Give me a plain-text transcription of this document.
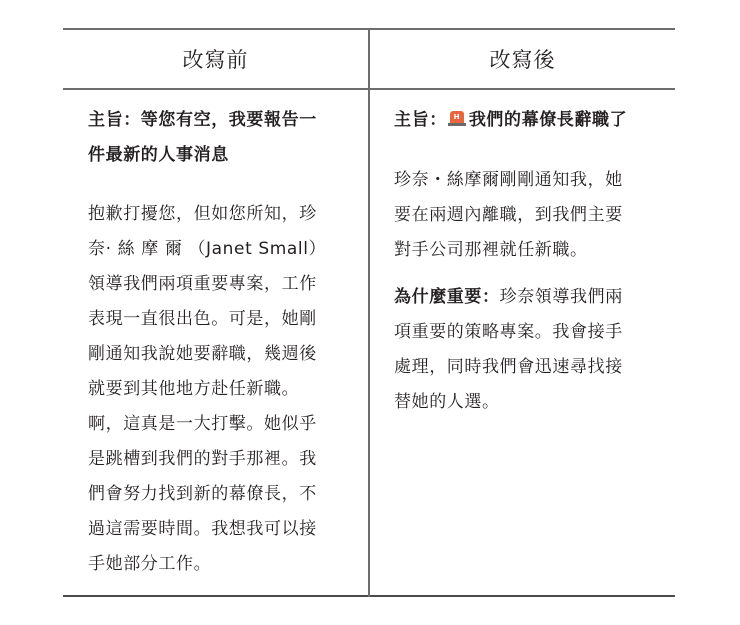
改寫前	改寫後
主旨：等您有空，我要報告一
件最新的人事消息
抱歉打擾您，但如您所知，珍
奈· 絲 摩 爾 （Janet Small）
領導我們兩項重要專案，工作
表現一直很出色。可是，她剛
剛通知我說她要辭職，幾週後
就要到其他地方赴任新職。
啊，這真是一大打擊。她似乎
是跳槽到我們的對手那裡。我
們會努力找到新的幕僚長，不
過這需要時間。我想我可以接
手她部分工作。
主旨： H 我們的幕僚長辭職了
珍奈・絲摩爾剛剛通知我，她
要在兩週內離職，到我們主要
對手公司那裡就任新職。
為什麼重要：珍奈領導我們兩
項重要的策略專案。我會接手
處理，同時我們會迅速尋找接
替她的人選。
